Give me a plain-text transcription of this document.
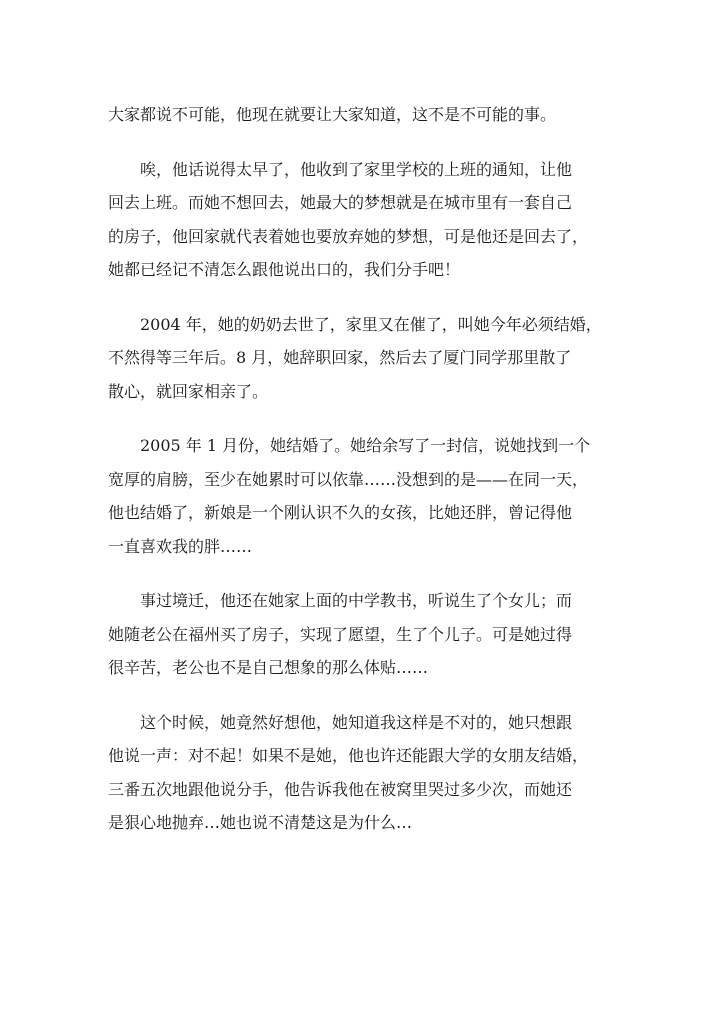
大家都说不可能，他现在就要让大家知道，这不是不可能的事。

唉，他话说得太早了，他收到了家里学校的上班的通知，让他
回去上班。而她不想回去，她最大的梦想就是在城市里有一套自己
的房子，他回家就代表着她也要放弃她的梦想，可是他还是回去了，
她都已经记不清怎么跟他说出口的，我们分手吧！

2004 年，她的奶奶去世了，家里又在催了，叫她今年必须结婚，
不然得等三年后。8 月，她辞职回家，然后去了厦门同学那里散了
散心，就回家相亲了。

2005 年 1 月份，她结婚了。她给余写了一封信，说她找到一个
宽厚的肩膀，至少在她累时可以依靠……没想到的是——在同一天，
他也结婚了，新娘是一个刚认识不久的女孩，比她还胖，曾记得他
一直喜欢我的胖……

事过境迁，他还在她家上面的中学教书，听说生了个女儿；而
她随老公在福州买了房子，实现了愿望，生了个儿子。可是她过得
很辛苦，老公也不是自己想象的那么体贴……

这个时候，她竟然好想他，她知道我这样是不对的，她只想跟
他说一声：对不起！如果不是她，他也许还能跟大学的女朋友结婚，
三番五次地跟他说分手，他告诉我他在被窝里哭过多少次，而她还
是狠心地抛弃…她也说不清楚这是为什么…
